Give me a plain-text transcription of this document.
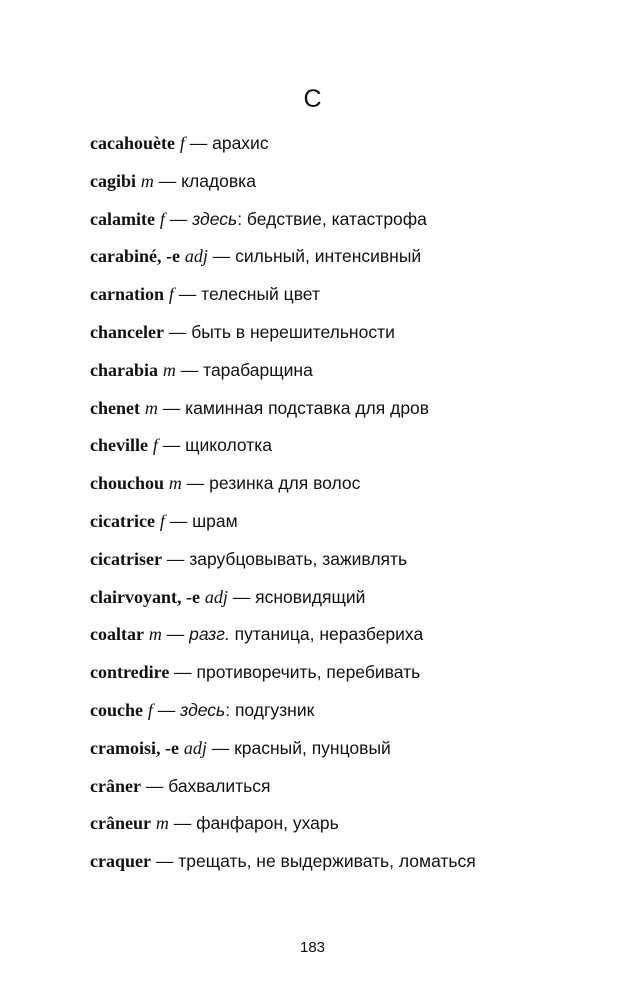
C
cacahouète f — арахис
cagibi m — кладовка
calamite f — здесь: бедствие, катастрофа
carabiné, -e adj — сильный, интенсивный
carnation f — телесный цвет
chanceler — быть в нерешительности
charabia m — тарабарщина
chenet m — каминная подставка для дров
cheville f — щиколотка
chouchou m — резинка для волос
cicatrice f — шрам
cicatriser — зарубцовывать, заживлять
clairvoyant, -e adj — ясновидящий
coaltar m — разг. путаница, неразбериха
contredire — противоречить, перебивать
couche f — здесь: подгузник
cramoisi, -e adj — красный, пунцовый
crâner — бахвалиться
crâneur m — фанфарон, ухарь
craquer — трещать, не выдерживать, ломаться
183
